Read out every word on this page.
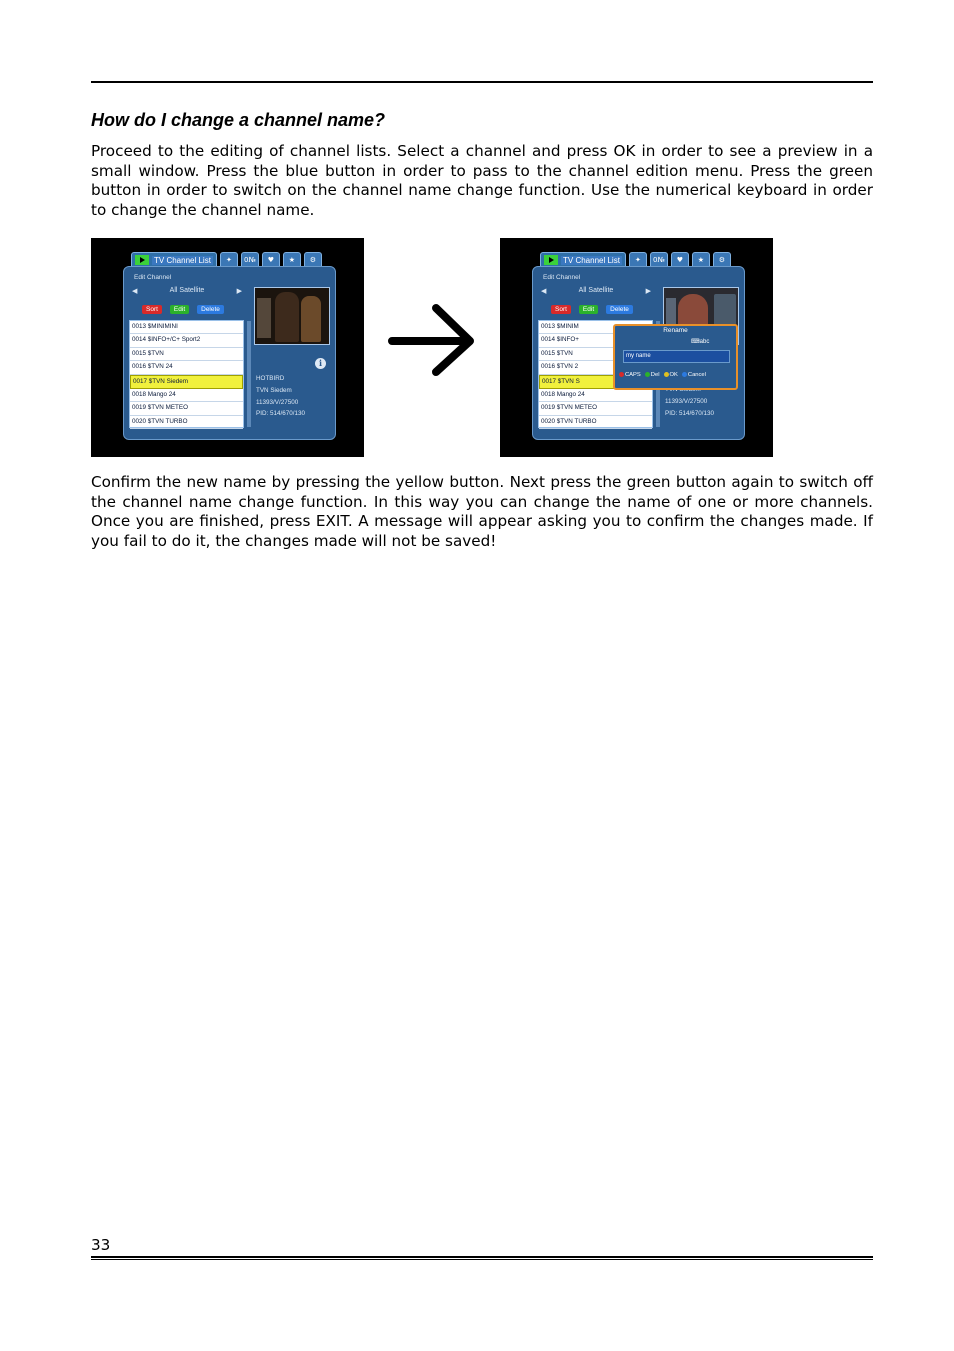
How do I change a channel name?

Proceed to the editing of channel lists. Select a channel and press OK in order to see a preview in a small window. Press the blue button in order to pass to the channel edition menu. Press the green button in order to switch on the channel name change function. Use the numerical keyboard in order to change the channel name.

TV Channel List	✦	0№	♥	★	⚙
Edit Channel
◀	All Satellite	▶
Sort	Edit	Delete
0013 $MINIMINI
0014 $INFO+/C+ Sport2
0015 $TVN
0016 $TVN 24
0017 $TVN Siedem
0018 Mango 24
0019 $TVN METEO
0020 $TVN TURBO
i
HOTBIRD
TVN Siedem
11393/V/27500
PID: 514/670/130
TV Channel List	✦	0№	♥	★	⚙
Edit Channel
◀	All Satellite	▶
Sort	Edit	Delete
0013 $MINIM
0014 $INFO+
0015 $TVN
0016 $TVN 2
0017 $TVN S
0018 Mango 24
0019 $TVN METEO
0020 $TVN TURBO
11393/V/27500
PID: 514/670/130
Rename
⌨abc
my name
CAPS	Del	OK	Cancel

Confirm the new name by pressing the yellow button. Next press the green button again to switch off the channel name change function. In this way you can change the name of one or more channels. Once you are finished, press EXIT. A message will appear asking you to confirm the changes made. If you fail to do it, the changes made will not be saved!

33
